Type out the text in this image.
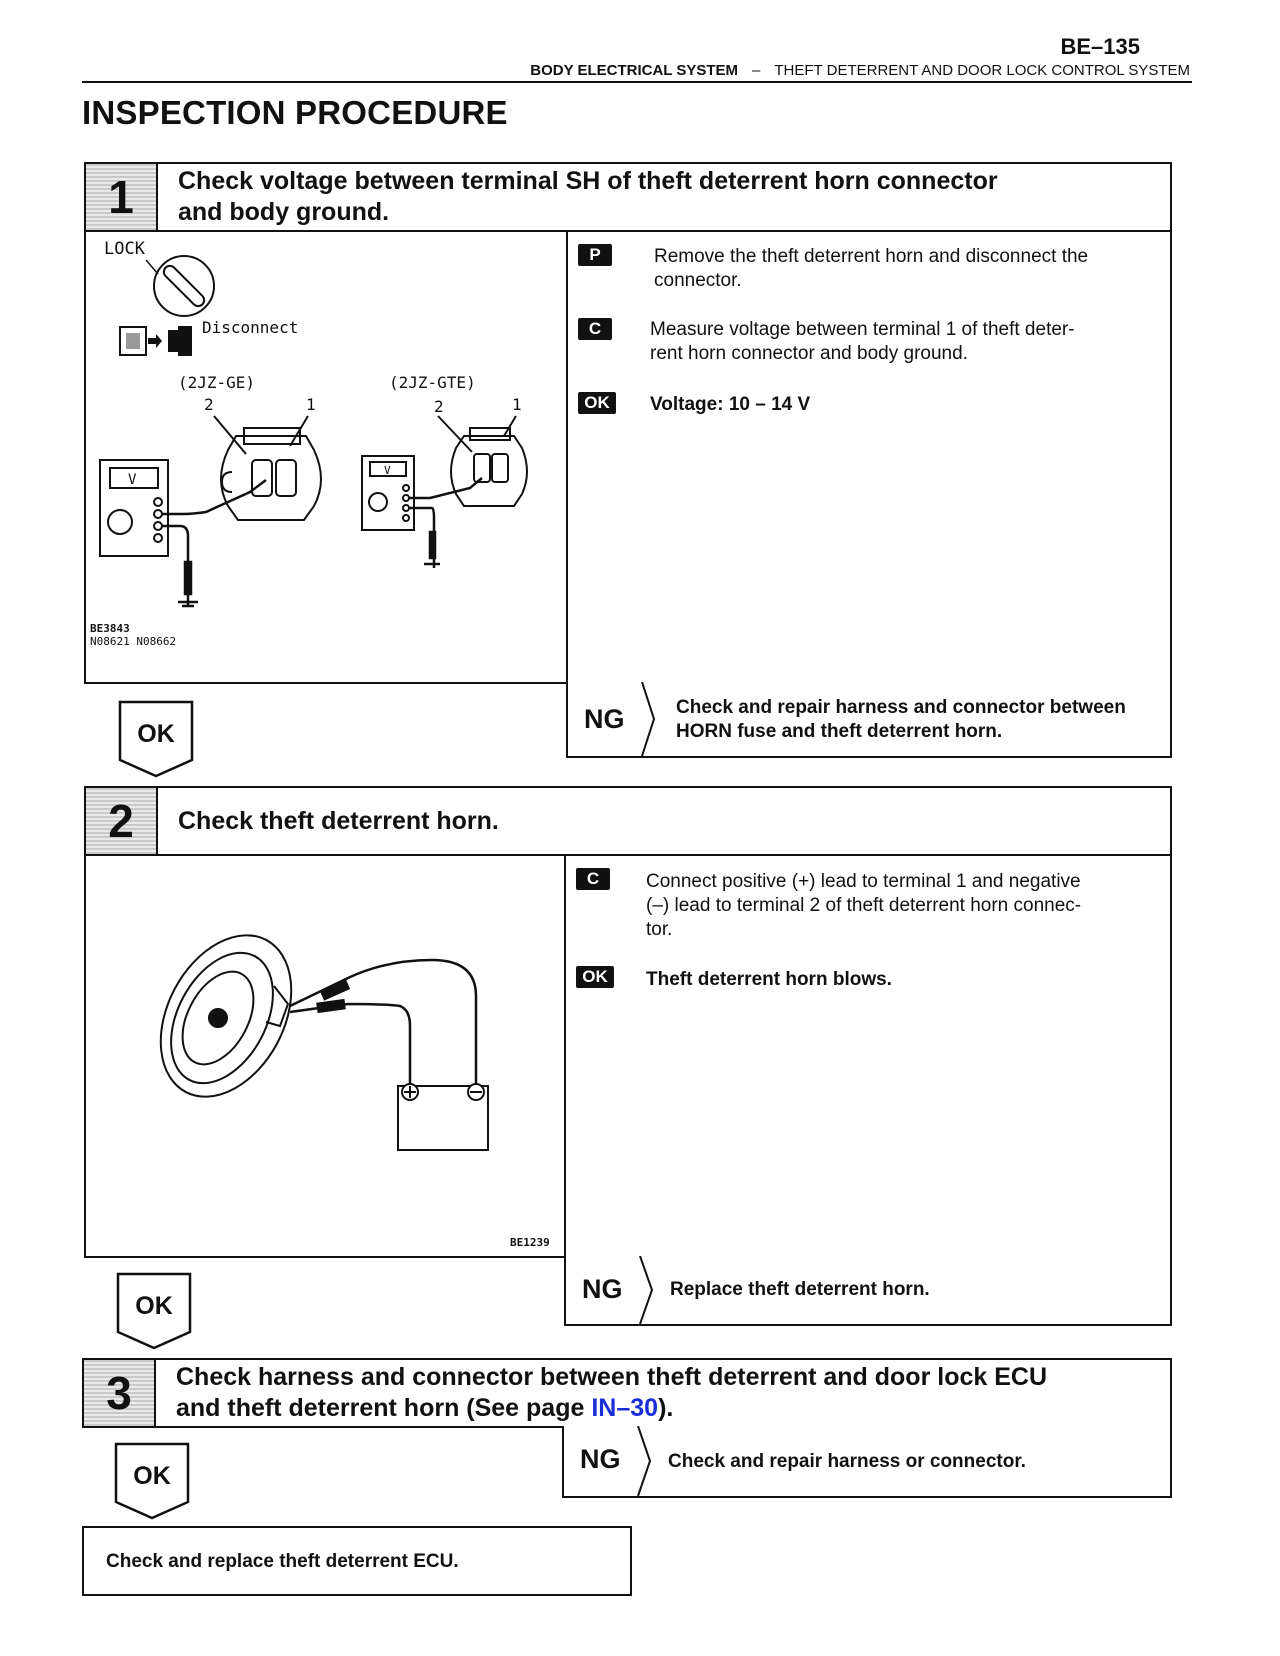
BE–135
BODY ELECTRICAL SYSTEM – THEFT DETERRENT AND DOOR LOCK CONTROL SYSTEM
INSPECTION PROCEDURE
1	Check voltage between terminal SH of theft deterrent horn connector
and body ground.
LOCK
Disconnect
(2JZ-GE)	(2JZ-GTE)
2	1	2	1
V
V
BE3843
N08621 N08662
P	Remove the theft deterrent horn and disconnect the
connector.
C	Measure voltage between terminal 1 of theft deter-
rent horn connector and body ground.
OK	Voltage: 10 – 14 V
OK	NG	Check and repair harness and connector between
HORN fuse and theft deterrent horn.
2	Check theft deterrent horn.
BE1239
C	Connect positive (+) lead to terminal 1 and negative
(–) lead to terminal 2 of theft deterrent horn connec-
tor.
OK	Theft deterrent horn blows.
OK
NG	Replace theft deterrent horn.
3	Check harness and connector between theft deterrent and door lock ECU
and theft deterrent horn (See page IN–30).
OK
NG	Check and repair harness or connector.
Check and replace theft deterrent ECU.
